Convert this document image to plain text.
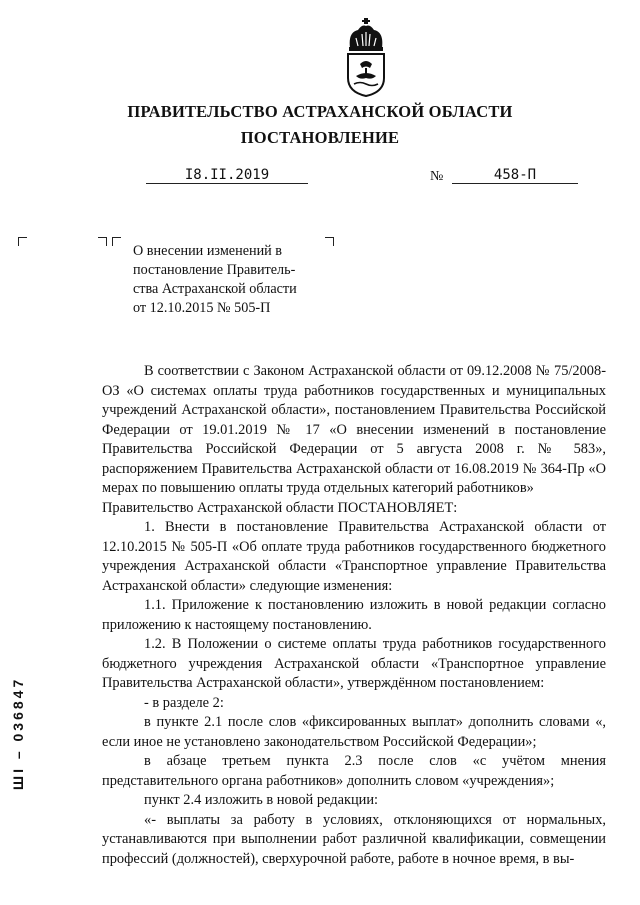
ПРАВИТЕЛЬСТВО АСТРАХАНСКОЙ ОБЛАСТИ
ПОСТАНОВЛЕНИЕ
I8.II.2019	№	458-П
О внесении изменений в
постановление Правитель-
ства Астраханской области
от 12.10.2015 № 505-П

В соответствии с Законом Астраханской области от 09.12.2008 № 75/2008-ОЗ «О системах оплаты труда работников государственных и муниципальных учреждений Астраханской области», постановлением Правительства Российской Федерации от 19.01.2019 № 17 «О внесении изменений в постановление Правительства Российской Федерации от 5 августа 2008 г. № 583», распоряжением Правительства Астраханской области от 16.08.2019 № 364-Пр «О мерах по повышению оплаты труда отдельных категорий работников»

Правительство Астраханской области ПОСТАНОВЛЯЕТ:

1. Внести в постановление Правительства Астраханской области от 12.10.2015 № 505-П «Об оплате труда работников государственного бюджетного учреждения Астраханской области «Транспортное управление Правительства Астраханской области» следующие изменения:

1.1. Приложение к постановлению изложить в новой редакции согласно приложению к настоящему постановлению.

1.2. В Положении о системе оплаты труда работников государственного бюджетного учреждения Астраханской области «Транспортное управление Правительства Астраханской области», утверждённом постановлением:

- в разделе 2:

в пункте 2.1 после слов «фиксированных выплат» дополнить словами «, если иное не установлено законодательством Российской Федерации»;

в абзаце третьем пункта 2.3 после слов «с учётом мнения представительного органа работников» дополнить словом «учреждения»;

пункт 2.4 изложить в новой редакции:

«- выплаты за работу в условиях, отклоняющихся от нормальных, устанавливаются при выполнении работ различной квалификации, совмещении профессий (должностей), сверхурочной работе, работе в ночное время, в вы-

ШI – 036847
